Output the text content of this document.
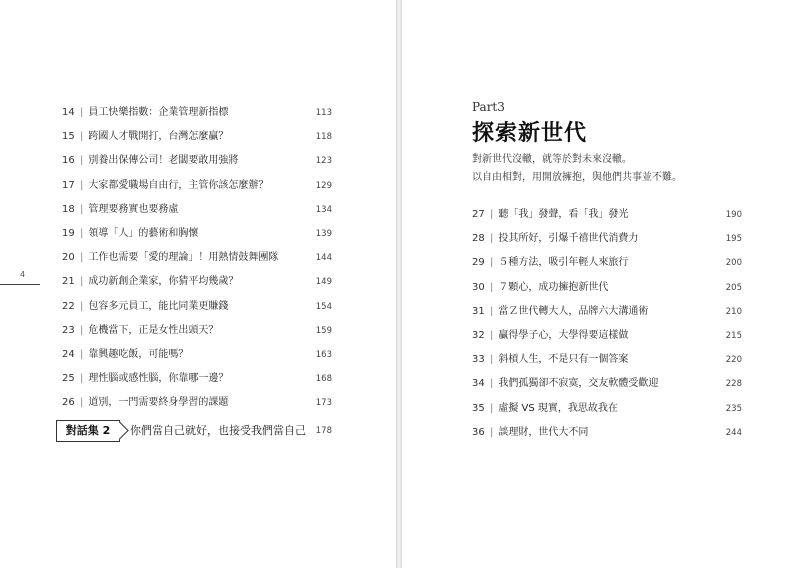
4
14 | 員工快樂指數：企業管理新指標	113
15 | 跨國人才戰開打，台灣怎麼贏？	118
16 | 別養出保傳公司！老闆要敢用強將	123
17 | 大家都愛職場自由行，主管你該怎麼辦？	129
18 | 管理要務實也要務虛	134
19 | 領導「人」的藝術和胸懷	139
20 | 工作也需要「愛的理論」！用熱情鼓舞團隊	144
21 | 成功新創企業家，你猜平均幾歲？	149
22 | 包容多元員工，能比同業更賺錢	154
23 | 危機當下，正是女性出頭天？	159
24 | 靠興趣吃飯，可能嗎？	163
25 | 理性腦或感性腦，你靠哪一邊？	168
26 | 道別，一門需要終身學習的課題	173
對話集 2	你們當自己就好，也接受我們當自己 178
Part3
探索新世代
對新世代沒轍，就等於對未來沒轍。
以自由相對，用開放擁抱，與他們共事並不難。
27 | 聽「我」發聲，看「我」發光	190
28 | 投其所好，引爆千禧世代消費力	195
29 | ５種方法，吸引年輕人來旅行	200
30 | ７顆心，成功擁抱新世代	205
31 | 當Ｚ世代轉大人，品牌六大溝通術	210
32 | 贏得學子心，大學得要這樣做	215
33 | 斜槓人生，不是只有一個答案	220
34 | 我們孤獨卻不寂寞，交友軟體受歡迎	228
35 | 虛擬 VS 現實，我思故我在	235
36 | 談理財，世代大不同	244
